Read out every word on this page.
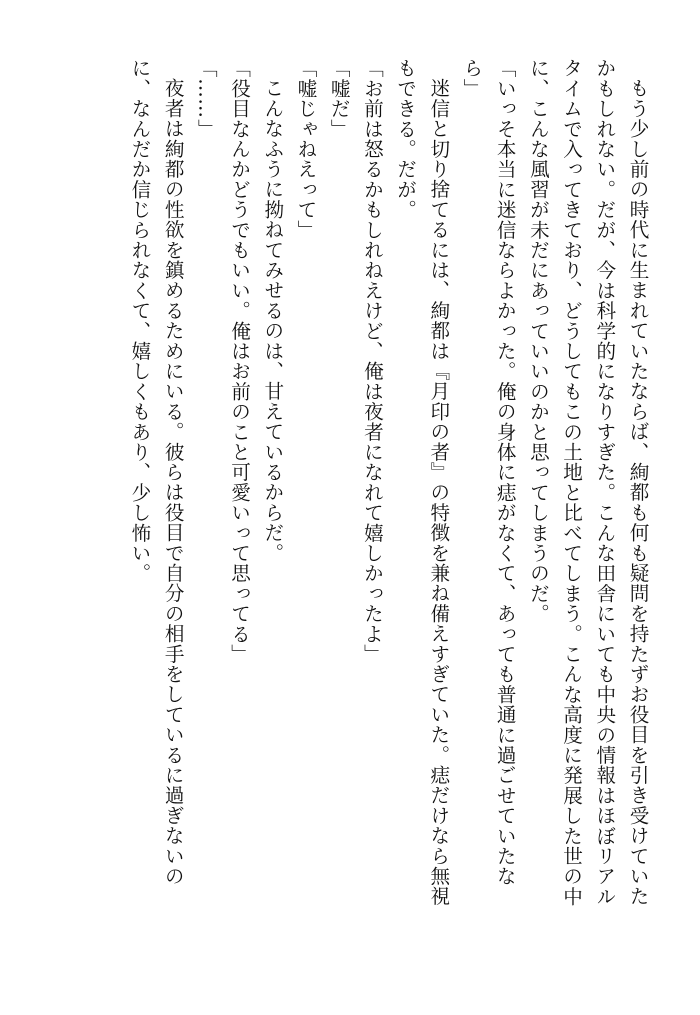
もう少し前の時代に生まれていたならば、絢都も何も疑問を持たずお役目を引き受けていた
かもしれない。だが、今は科学的になりすぎた。こんな田舎にいても中央の情報はほぼリアル
タイムで入ってきており、どうしてもこの土地と比べてしまう。こんな高度に発展した世の中
に、こんな風習が未だにあっていいのかと思ってしまうのだ。
「いっそ本当に迷信ならよかった。俺の身体に痣がなくて、あっても普通に過ごせていたな
ら」
迷信と切り捨てるには、絢都は『月印の者』の特徴を兼ね備えすぎていた。痣だけなら無視
もできる。だが。
「お前は怒るかもしれねえけど、俺は夜者になれて嬉しかったよ」
「嘘だ」
「嘘じゃねえって」
こんなふうに拗ねてみせるのは、甘えているからだ。
「役目なんかどうでもいい。俺はお前のこと可愛いって思ってる」
「……」
夜者は絢都の性欲を鎮めるためにいる。彼らは役目で自分の相手をしているに過ぎないの
に、なんだか信じられなくて、嬉しくもあり、少し怖い。
